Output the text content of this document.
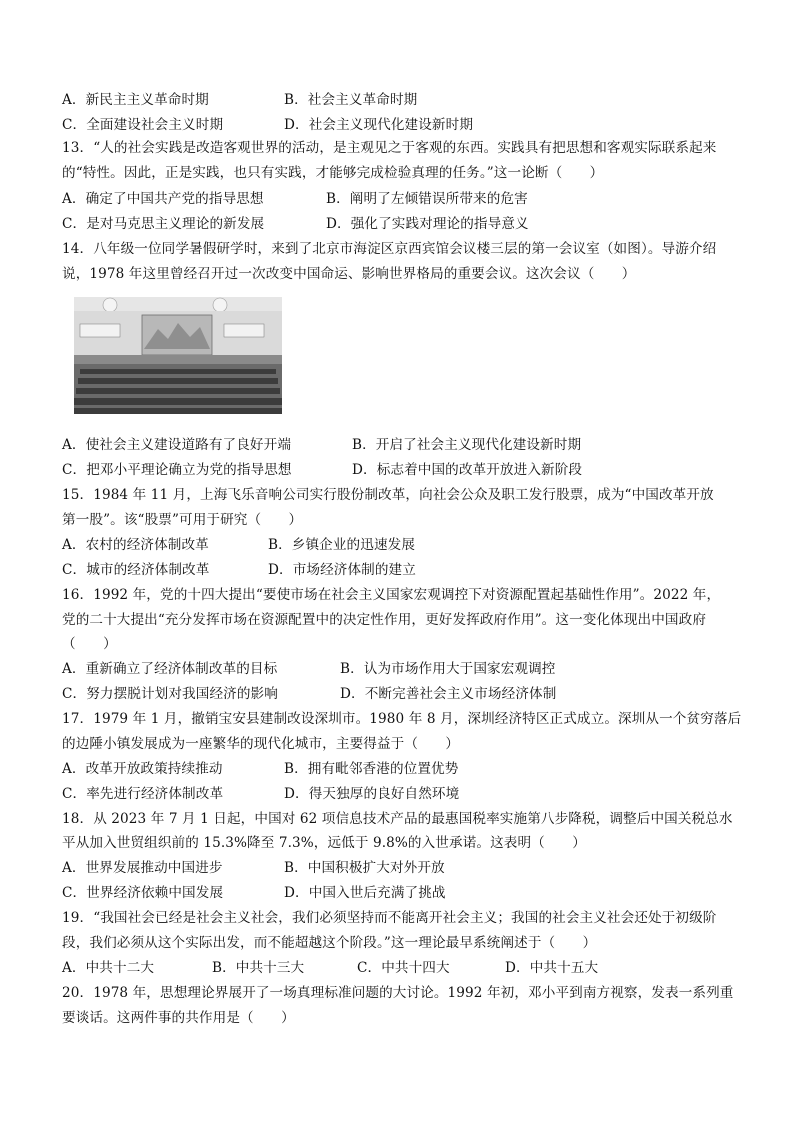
A．新民主主义革命时期	B．社会主义革命时期
C．全面建设社会主义时期	D．社会主义现代化建设新时期
13．“人的社会实践是改造客观世界的活动，是主观见之于客观的东西。实践具有把思想和客观实际联系起来
的“特性。因此，正是实践，也只有实践，才能够完成检验真理的任务。”这一论断（　　）
A．确定了中国共产党的指导思想	B．阐明了左倾错误所带来的危害
C．是对马克思主义理论的新发展	D．强化了实践对理论的指导意义
14．八年级一位同学暑假研学时，来到了北京市海淀区京西宾馆会议楼三层的第一会议室（如图）。导游介绍
说，1978 年这里曾经召开过一次改变中国命运、影响世界格局的重要会议。这次会议（　　）
A．使社会主义建设道路有了良好开端	B．开启了社会主义现代化建设新时期
C．把邓小平理论确立为党的指导思想	D．标志着中国的改革开放进入新阶段
15．1984 年 11 月，上海飞乐音响公司实行股份制改革，向社会公众及职工发行股票，成为“中国改革开放
第一股”。该“股票”可用于研究（　　）
A．农村的经济体制改革	B．乡镇企业的迅速发展
C．城市的经济体制改革	D．市场经济体制的建立
16．1992 年，党的十四大提出“要使市场在社会主义国家宏观调控下对资源配置起基础性作用”。2022 年，
党的二十大提出“充分发挥市场在资源配置中的决定性作用，更好发挥政府作用”。这一变化体现出中国政府
（　　）
A．重新确立了经济体制改革的目标	B．认为市场作用大于国家宏观调控
C．努力摆脱计划对我国经济的影响	D．不断完善社会主义市场经济体制
17．1979 年 1 月，撤销宝安县建制改设深圳市。1980 年 8 月，深圳经济特区正式成立。深圳从一个贫穷落后
的边陲小镇发展成为一座繁华的现代化城市，主要得益于（　　）
A．改革开放政策持续推动	B．拥有毗邻香港的位置优势
C．率先进行经济体制改革	D．得天独厚的良好自然环境
18．从 2023 年 7 月 1 日起，中国对 62 项信息技术产品的最惠国税率实施第八步降税，调整后中国关税总水
平从加入世贸组织前的 15.3%降至 7.3%，远低于 9.8%的入世承诺。这表明（　　）
A．世界发展推动中国进步	B．中国积极扩大对外开放
C．世界经济依赖中国发展	D．中国入世后充满了挑战
19．“我国社会已经是社会主义社会，我们必须坚持而不能离开社会主义；我国的社会主义社会还处于初级阶
段，我们必须从这个实际出发，而不能超越这个阶段。”这一理论最早系统阐述于（　　）
A．中共十二大	B．中共十三大	C．中共十四大	D．中共十五大
20．1978 年，思想理论界展开了一场真理标准问题的大讨论。1992 年初，邓小平到南方视察，发表一系列重
要谈话。这两件事的共作用是（　　）
